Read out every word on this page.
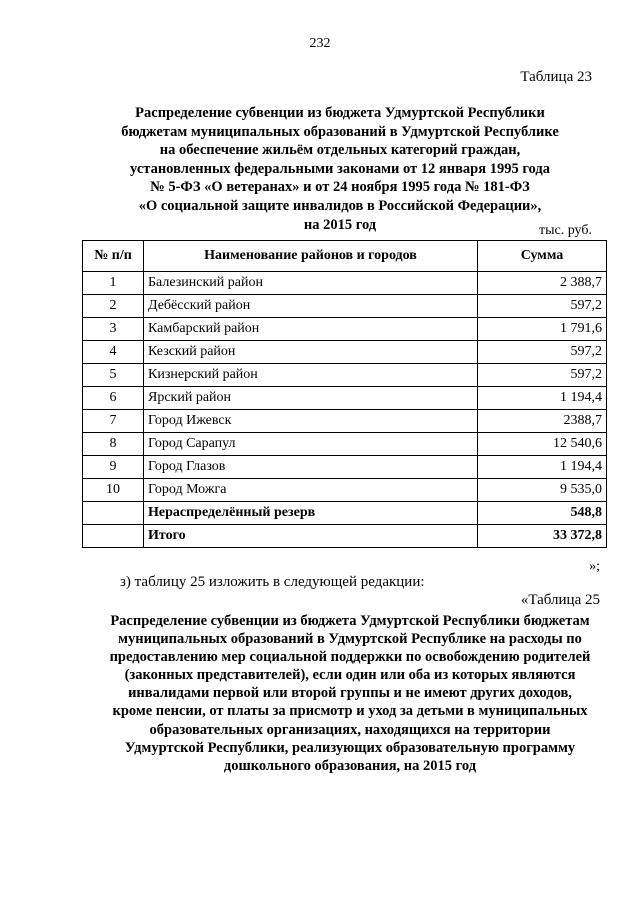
232
Таблица 23
Распределение субвенции из бюджета Удмуртской Республики
бюджетам муниципальных образований в Удмуртской Республике
на обеспечение жильём отдельных категорий граждан,
установленных федеральными законами от 12 января 1995 года
№ 5-ФЗ «О ветеранах» и от 24 ноября 1995 года № 181-ФЗ
«О социальной защите инвалидов в Российской Федерации»,
на 2015 год	тыс. руб.
№ п/п	Наименование районов и городов	Сумма
1	Балезинский район	2 388,7
2	Дебёсский район	597,2
3	Камбарский район	1 791,6
4	Кезский район	597,2
5	Кизнерский район	597,2
6	Ярский район	1 194,4
7	Город Ижевск	2388,7
8	Город Сарапул	12 540,6
9	Город Глазов	1 194,4
10	Город Можга	9 535,0
	Нераспределённый резерв	548,8
	Итого	33 372,8
»;
з) таблицу 25 изложить в следующей редакции:
«Таблица 25
Распределение субвенции из бюджета Удмуртской Республики бюджетам
муниципальных образований в Удмуртской Республике на расходы по
предоставлению мер социальной поддержки по освобождению родителей
(законных представителей), если один или оба из которых являются
инвалидами первой или второй группы и не имеют других доходов,
кроме пенсии, от платы за присмотр и уход за детьми в муниципальных
образовательных организациях, находящихся на территории
Удмуртской Республики, реализующих образовательную программу
дошкольного образования, на 2015 год
